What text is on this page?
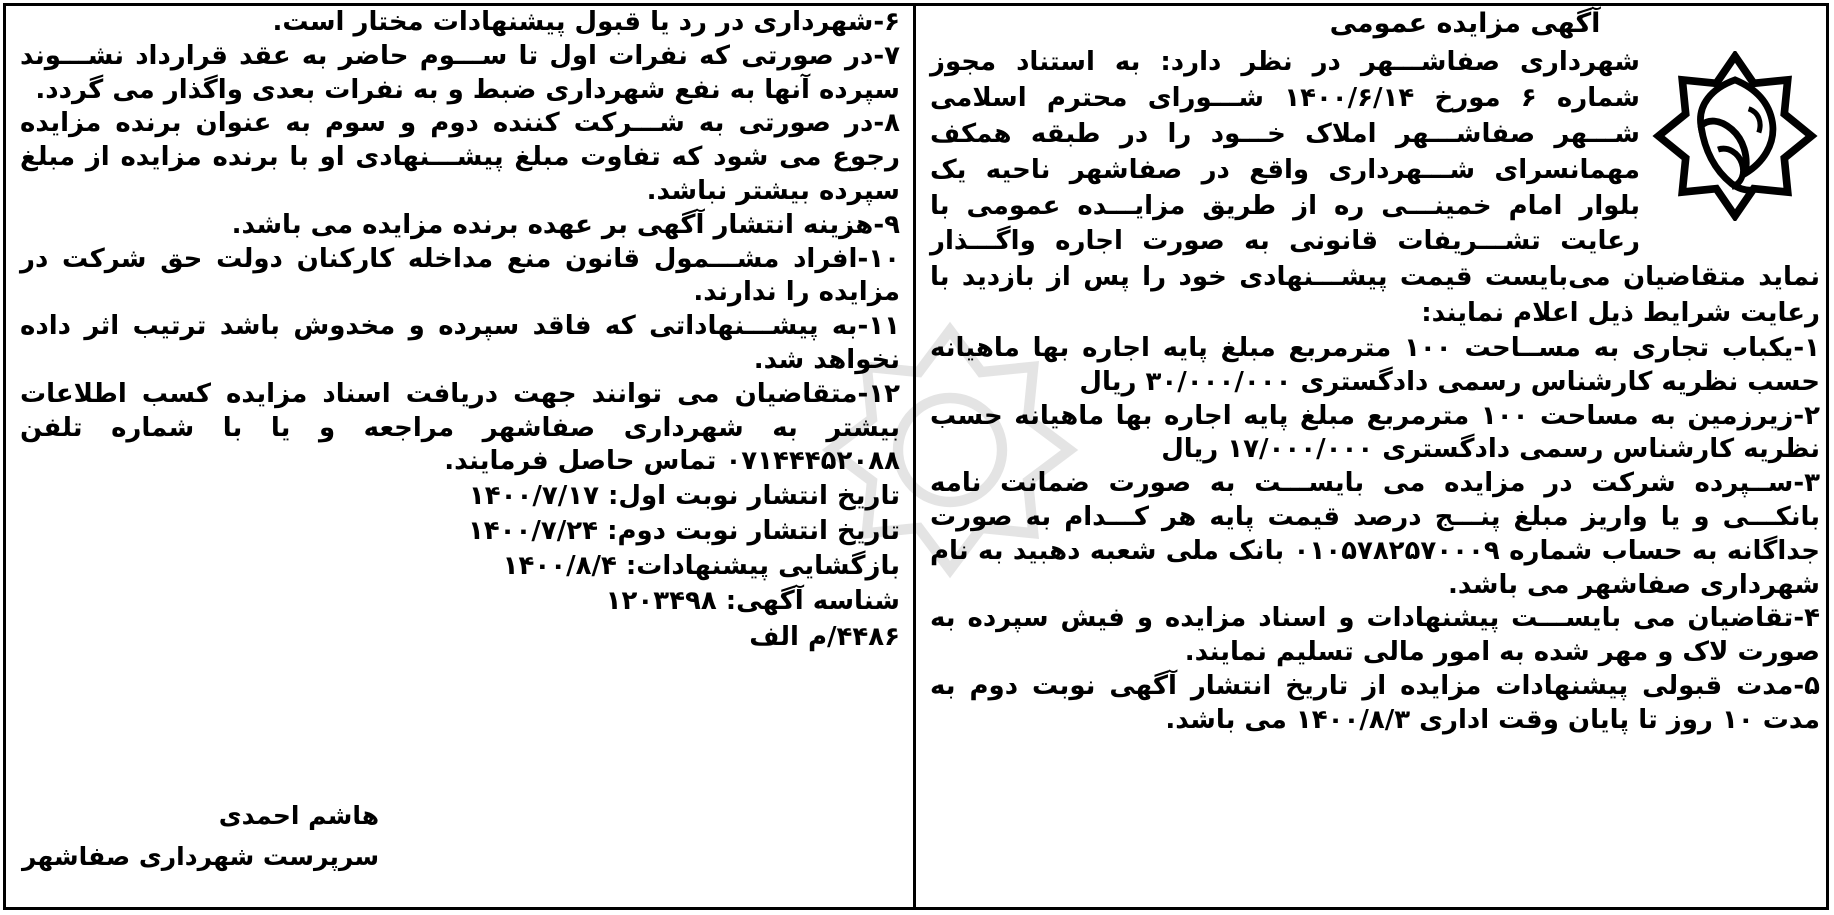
آگهی مزایده عمومی

شهرداری صفاشـــهر در نظر دارد: به استناد مجوز شماره ۶ مورخ ۱۴۰۰/۶/۱۴ شـــورای محترم اسلامی شـــهر صفاشـــهر املاک خـــود را در طبقه همکف مهمانسرای شـــهرداری واقع در صفاشهر ناحیه یک بلوار امام خمینـــی ره از طریق مزایـــده عمومی با رعایت تشـــریفات قانونی به صورت اجاره واگـــذار نماید متقاضیان می‌بایست قیمت پیشـــنهادی خود را پس از بازدید با رعایت شرایط ذیل اعلام نمایند:

۱-یکباب تجاری به مســاحت ۱۰۰ مترمربع مبلغ پایه اجاره بها ماهیانه حسب نظریه کارشناس رسمی دادگستری ۳۰/۰۰۰/۰۰۰ ریال

۲-زیرزمین به مساحت ۱۰۰ مترمربع مبلغ پایه اجاره بها ماهیانه حسب نظریه کارشناس رسمی دادگستری ۱۷/۰۰۰/۰۰۰ ریال

۳-ســپرده شرکت در مزایده می بایســـت به صورت ضمانت نامه بانکـــی و یا واریز مبلغ پنـــج درصد قیمت پایه هر کـــدام به صورت جداگانه به حساب شماره ۰۱۰۵۷۸۲۵۷۰۰۰۹ بانک ملی شعبه دهبید به نام شهرداری صفاشهر می باشد.

۴-تقاضیان می بایســـت پیشنهادات و اسناد مزایده و فیش سپرده به صورت لاک و مهر شده به امور مالی تسلیم نمایند.

۵-مدت قبولی پیشنهادات مزایده از تاریخ انتشار آگهی نوبت دوم به مدت ۱۰ روز تا پایان وقت اداری ۱۴۰۰/۸/۳ می باشد.

۶-شهرداری در رد یا قبول پیشنهادات مختار است.

۷-در صورتی که نفرات اول تا ســـوم حاضر به عقد قرارداد نشـــوند سپرده آنها به نفع شهرداری ضبط و به نفرات بعدی واگذار می گردد.

۸-در صورتی به شـــرکت کننده دوم و سوم به عنوان برنده مزایده رجوع می شود که تفاوت مبلغ پیشـــنهادی او با برنده مزایده از مبلغ سپرده بیشتر نباشد.

۹-هزینه انتشار آگهی بر عهده برنده مزایده می باشد.

۱۰-افراد مشـــمول قانون منع مداخله کارکنان دولت حق شرکت در مزایده را ندارند.

۱۱-به پیشـــنهاداتی که فاقد سپرده و مخدوش باشد ترتیب اثر داده نخواهد شد.

۱۲-متقاضیان می توانند جهت دریافت اسناد مزایده کسب اطلاعات بیشتر به شهرداری صفاشهر مراجعه و یا با شماره تلفن ۰۷۱۴۴۴۵۲۰۸۸ تماس حاصل فرمایند.

تاریخ انتشار نوبت اول: ۱۴۰۰/۷/۱۷

تاریخ انتشار نوبت دوم: ۱۴۰۰/۷/۲۴

بازگشایی پیشنهادات: ۱۴۰۰/۸/۴

شناسه آگهی: ۱۲۰۳۴۹۸

۴۴۸۶/م الف

هاشم احمدی
سرپرست شهرداری صفاشهر
